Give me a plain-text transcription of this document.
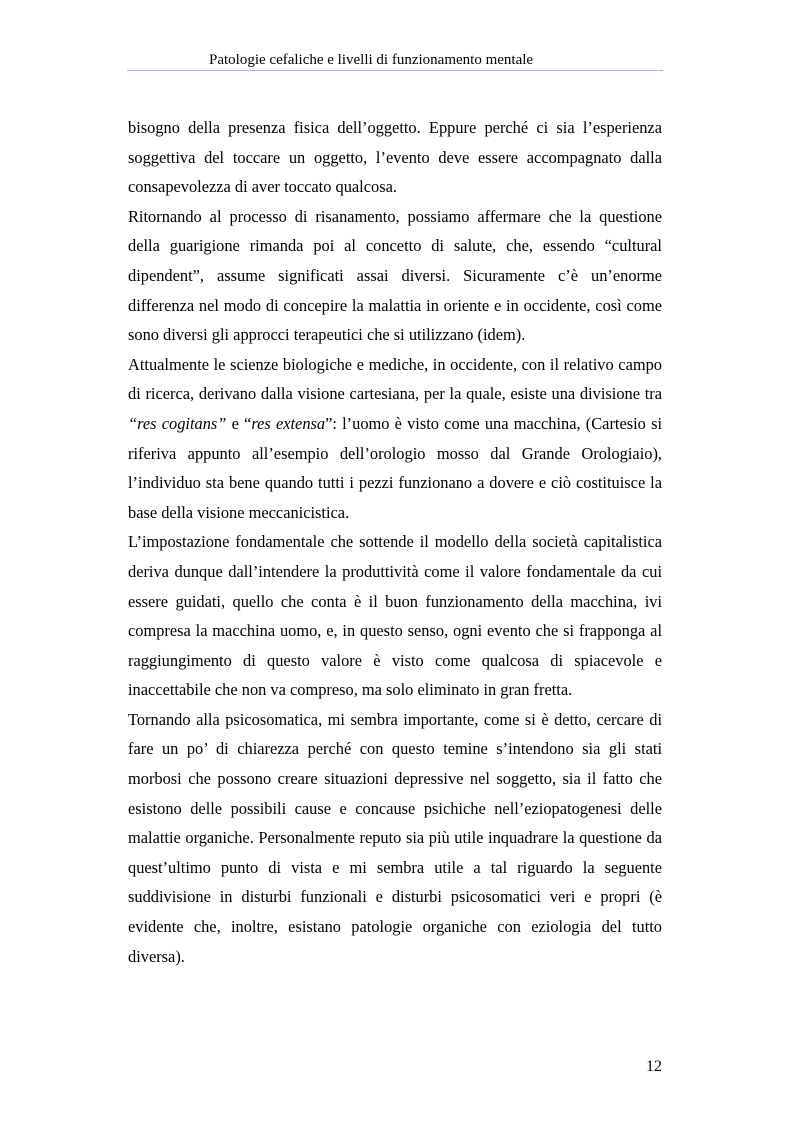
Patologie cefaliche e livelli di funzionamento mentale

bisogno della presenza fisica dell’oggetto. Eppure perché ci sia l’esperienza soggettiva del toccare un oggetto, l’evento deve essere accompagnato dalla consapevolezza di aver toccato qualcosa.

Ritornando al processo di risanamento, possiamo affermare che la questione della guarigione rimanda poi al concetto di salute, che, essendo “cultural dipendent”, assume significati assai diversi. Sicuramente c’è un’enorme differenza nel modo di concepire la malattia in oriente e in occidente, così come sono diversi gli approcci terapeutici che si utilizzano (idem).

Attualmente le scienze biologiche e mediche, in occidente, con il relativo campo di ricerca, derivano dalla visione cartesiana, per la quale, esiste una divisione tra “res cogitans” e “res extensa”: l’uomo è visto come una macchina, (Cartesio si riferiva appunto all’esempio dell’orologio mosso dal Grande Orologiaio), l’individuo sta bene quando tutti i pezzi funzionano a dovere e ciò costituisce la base della visione meccanicistica.

L’impostazione fondamentale che sottende il modello della società capitalistica deriva dunque dall’intendere la produttività come il valore fondamentale da cui essere guidati, quello che conta è il buon funzionamento della macchina, ivi compresa la macchina uomo, e, in questo senso, ogni evento che si frapponga al raggiungimento di questo valore è visto come qualcosa di spiacevole e inaccettabile che non va compreso, ma solo eliminato in gran fretta.

Tornando alla psicosomatica, mi sembra importante, come si è detto, cercare di fare un po’ di chiarezza perché con questo temine s’intendono sia gli stati morbosi che possono creare situazioni depressive nel soggetto, sia il fatto che esistono delle possibili cause e concause psichiche nell’eziopatogenesi delle malattie organiche. Personalmente reputo sia più utile inquadrare la questione da quest’ultimo punto di vista e mi sembra utile a tal riguardo la seguente suddivisione in disturbi funzionali e disturbi psicosomatici veri e propri (è evidente che, inoltre, esistano patologie organiche con eziologia del tutto diversa).

12
